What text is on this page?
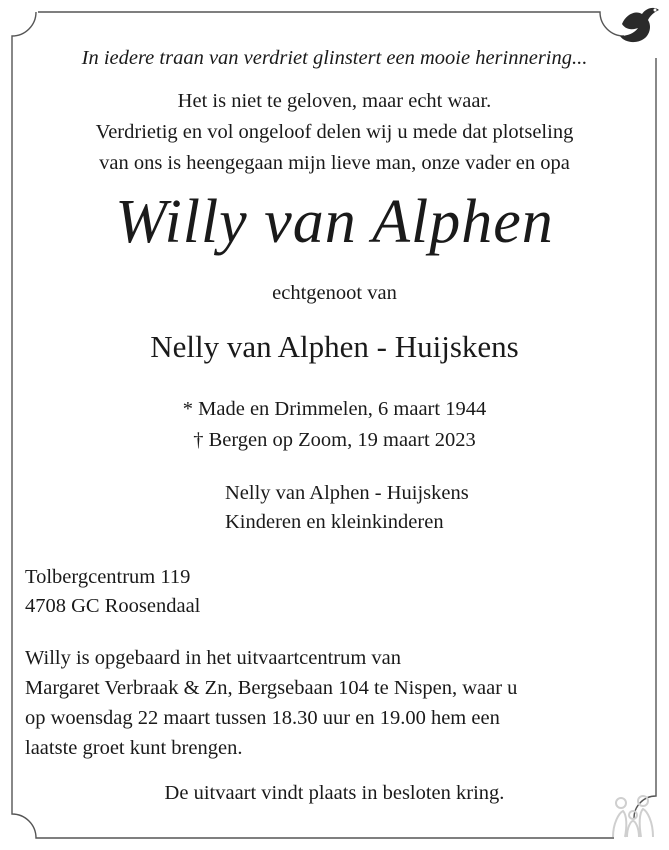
In iedere traan van verdriet glinstert een mooie herinnering...
Het is niet te geloven, maar echt waar.
Verdrietig en vol ongeloof delen wij u mede dat plotseling
van ons is heengegaan mijn lieve man, onze vader en opa
Willy van Alphen
echtgenoot van
Nelly van Alphen - Huijskens
* Made en Drimmelen, 6 maart 1944
† Bergen op Zoom, 19 maart 2023
Nelly van Alphen - Huijskens
Kinderen en kleinkinderen
Tolbergcentrum 119
4708 GC Roosendaal
Willy is opgebaard in het uitvaartcentrum van
Margaret Verbraak & Zn, Bergsebaan 104 te Nispen, waar u
op woensdag 22 maart tussen 18.30 uur en 19.00 hem een
laatste groet kunt brengen.
De uitvaart vindt plaats in besloten kring.
